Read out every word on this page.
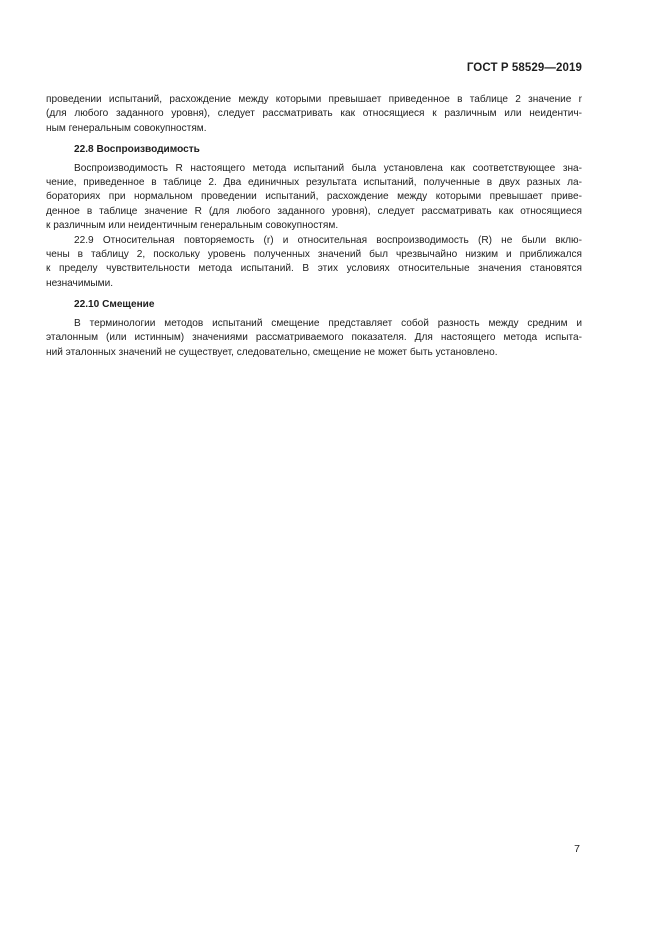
ГОСТ Р 58529—2019
проведении испытаний, расхождение между которыми превышает приведенное в таблице 2 значение r
(для любого заданного уровня), следует рассматривать как относящиеся к различным или неидентич-
ным генеральным совокупностям.
22.8 Воспроизводимость
Воспроизводимость R настоящего метода испытаний была установлена как соответствующее зна-
чение, приведенное в таблице 2. Два единичных результата испытаний, полученные в двух разных ла-
бораториях при нормальном проведении испытаний, расхождение между которыми превышает приве-
денное в таблице значение R (для любого заданного уровня), следует рассматривать как относящиеся
к различным или неидентичным генеральным совокупностям.
22.9 Относительная повторяемость (r) и относительная воспроизводимость (R) не были вклю-
чены в таблицу 2, поскольку уровень полученных значений был чрезвычайно низким и приближался
к пределу чувствительности метода испытаний. В этих условиях относительные значения становятся
незначимыми.
22.10 Смещение
В терминологии методов испытаний смещение представляет собой разность между средним и
эталонным (или истинным) значениями рассматриваемого показателя. Для настоящего метода испыта-
ний эталонных значений не существует, следовательно, смещение не может быть установлено.
7
